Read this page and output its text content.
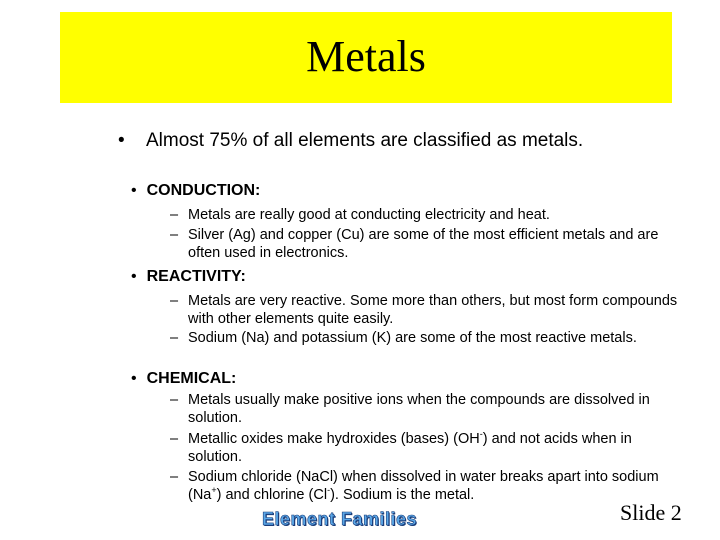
Metals
• Almost 75% of all elements are classified as metals.
• CONDUCTION:
– Metals are really good at conducting electricity and heat.
– Silver (Ag) and copper (Cu) are some of the most efficient metals and are often used in electronics.
• REACTIVITY:
– Metals are very reactive. Some more than others, but most form compounds with other elements quite easily.
– Sodium (Na) and potassium (K) are some of the most reactive metals.
• CHEMICAL:
– Metals usually make positive ions when the compounds are dissolved in solution.
– Metallic oxides make hydroxides (bases) (OH-) and not acids when in solution.
– Sodium chloride (NaCl) when dissolved in water breaks apart into sodium (Na+) and chlorine (Cl-). Sodium is the metal.
Element Families	Slide 2
